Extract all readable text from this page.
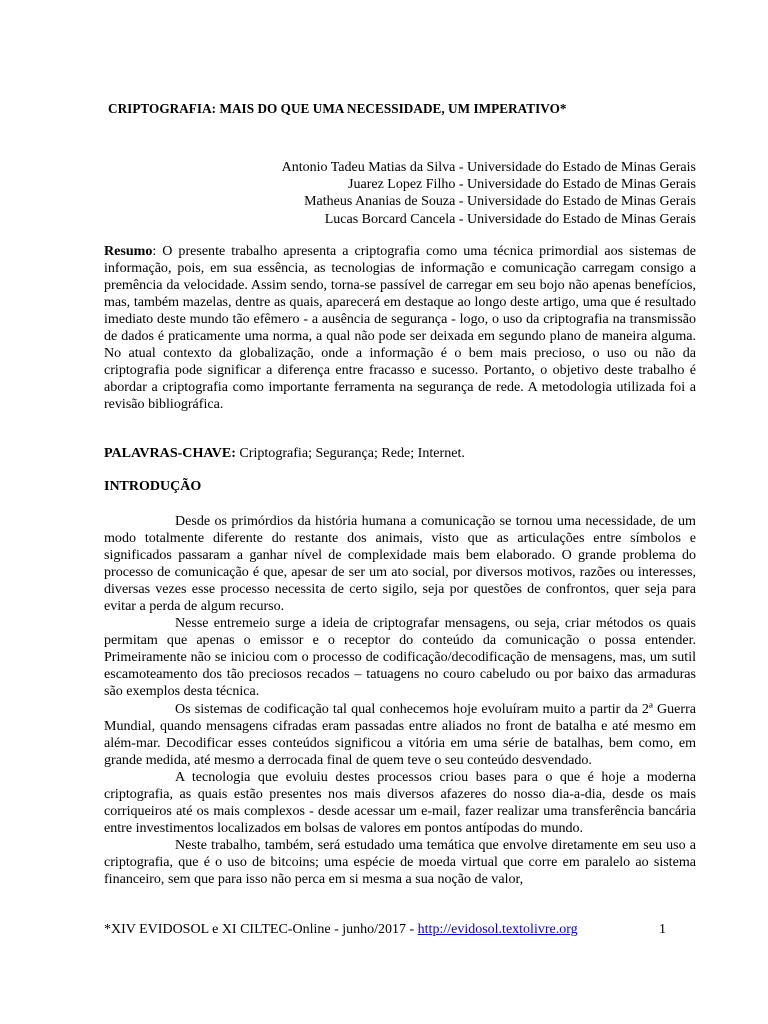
CRIPTOGRAFIA: MAIS DO QUE UMA NECESSIDADE, UM IMPERATIVO*
Antonio Tadeu Matias da Silva - Universidade do Estado de Minas Gerais
Juarez Lopez Filho - Universidade do Estado de Minas Gerais
Matheus Ananias de Souza - Universidade do Estado de Minas Gerais
Lucas Borcard Cancela - Universidade do Estado de Minas Gerais
Resumo: O presente trabalho apresenta a criptografia como uma técnica primordial aos sistemas de informação, pois, em sua essência, as tecnologias de informação e comunicação carregam consigo a premência da velocidade. Assim sendo, torna-se passível de carregar em seu bojo não apenas benefícios, mas, também mazelas, dentre as quais, aparecerá em destaque ao longo deste artigo, uma que é resultado imediato deste mundo tão efêmero - a ausência de segurança - logo, o uso da criptografia na transmissão de dados é praticamente uma norma, a qual não pode ser deixada em segundo plano de maneira alguma. No atual contexto da globalização, onde a informação é o bem mais precioso, o uso ou não da criptografia pode significar a diferença entre fracasso e sucesso. Portanto, o objetivo deste trabalho é abordar a criptografia como importante ferramenta na segurança de rede. A metodologia utilizada foi a revisão bibliográfica.
PALAVRAS-CHAVE: Criptografia; Segurança; Rede; Internet.
INTRODUÇÃO

Desde os primórdios da história humana a comunicação se tornou uma necessidade, de um modo totalmente diferente do restante dos animais, visto que as articulações entre símbolos e significados passaram a ganhar nível de complexidade mais bem elaborado. O grande problema do processo de comunicação é que, apesar de ser um ato social, por diversos motivos, razões ou interesses, diversas vezes esse processo necessita de certo sigilo, seja por questões de confrontos, quer seja para evitar a perda de algum recurso.

Nesse entremeio surge a ideia de criptografar mensagens, ou seja, criar métodos os quais permitam que apenas o emissor e o receptor do conteúdo da comunicação o possa entender. Primeiramente não se iniciou com o processo de codificação/decodificação de mensagens, mas, um sutil escamoteamento dos tão preciosos recados – tatuagens no couro cabeludo ou por baixo das armaduras são exemplos desta técnica.

Os sistemas de codificação tal qual conhecemos hoje evoluíram muito a partir da 2ª Guerra Mundial, quando mensagens cifradas eram passadas entre aliados no front de batalha e até mesmo em além-mar. Decodificar esses conteúdos significou a vitória em uma série de batalhas, bem como, em grande medida, até mesmo a derrocada final de quem teve o seu conteúdo desvendado.

A tecnologia que evoluiu destes processos criou bases para o que é hoje a moderna criptografia, as quais estão presentes nos mais diversos afazeres do nosso dia-a-dia, desde os mais corriqueiros até os mais complexos - desde acessar um e-mail, fazer realizar uma transferência bancária entre investimentos localizados em bolsas de valores em pontos antípodas do mundo.

Neste trabalho, também, será estudado uma temática que envolve diretamente em seu uso a criptografia, que é o uso de bitcoins; uma espécie de moeda virtual que corre em paralelo ao sistema financeiro, sem que para isso não perca em si mesma a sua noção de valor,

*XIV EVIDOSOL e XI CILTEC-Online - junho/2017 - http://evidosol.textolivre.org	1
